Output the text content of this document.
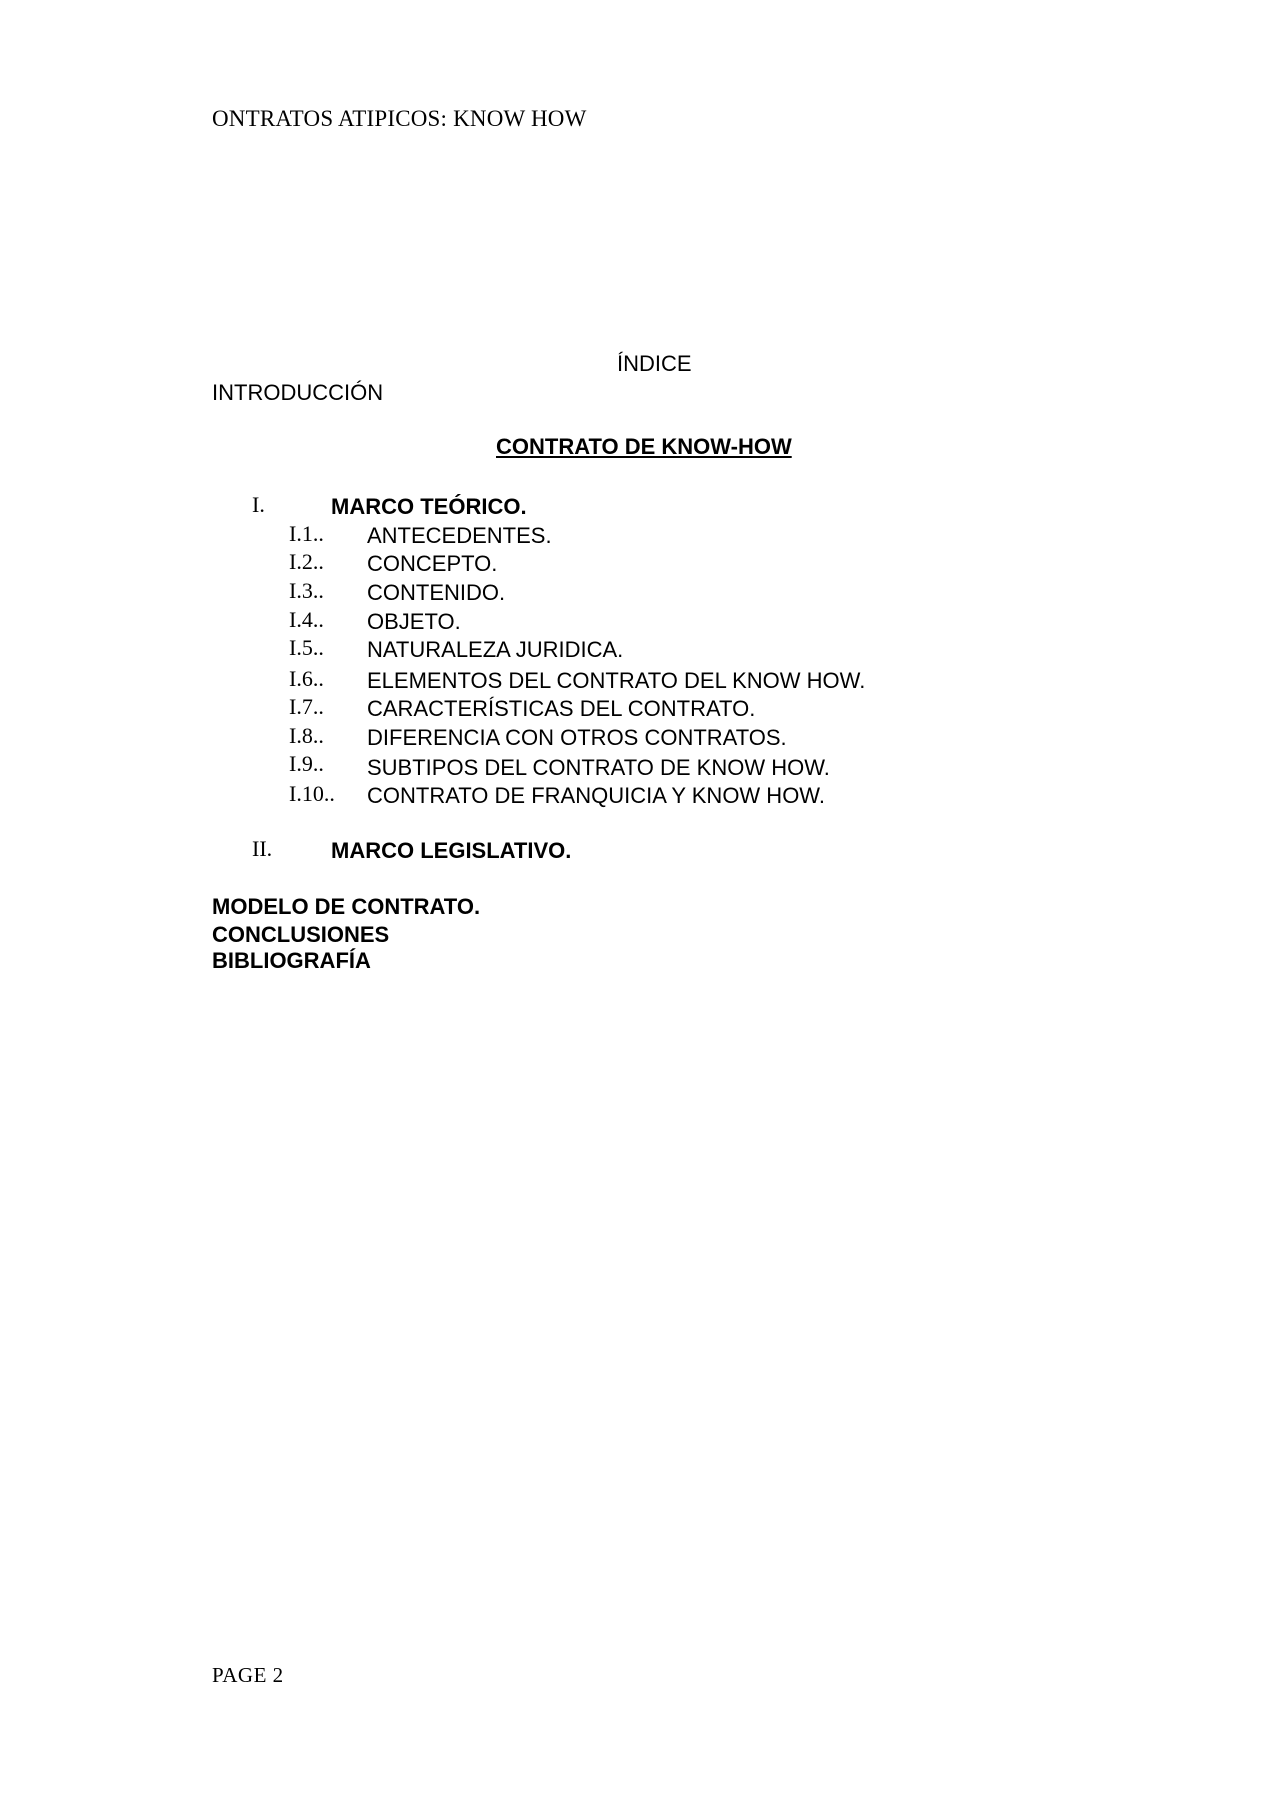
ONTRATOS ATIPICOS: KNOW HOW
ÍNDICE
INTRODUCCIÓN
CONTRATO DE KNOW-HOW
I.	MARCO TEÓRICO.
I.1.. ANTECEDENTES.
I.2.. CONCEPTO.
I.3.. CONTENIDO.
I.4.. OBJETO.
I.5.. NATURALEZA JURIDICA.
I.6.. ELEMENTOS DEL CONTRATO DEL KNOW HOW.
I.7.. CARACTERÍSTICAS DEL CONTRATO.
I.8.. DIFERENCIA CON OTROS CONTRATOS.
I.9.. SUBTIPOS DEL CONTRATO DE KNOW HOW.
I.10.. CONTRATO DE FRANQUICIA Y KNOW HOW.
II.	MARCO LEGISLATIVO.
MODELO DE CONTRATO.
CONCLUSIONES
BIBLIOGRAFÍA
PAGE 2
